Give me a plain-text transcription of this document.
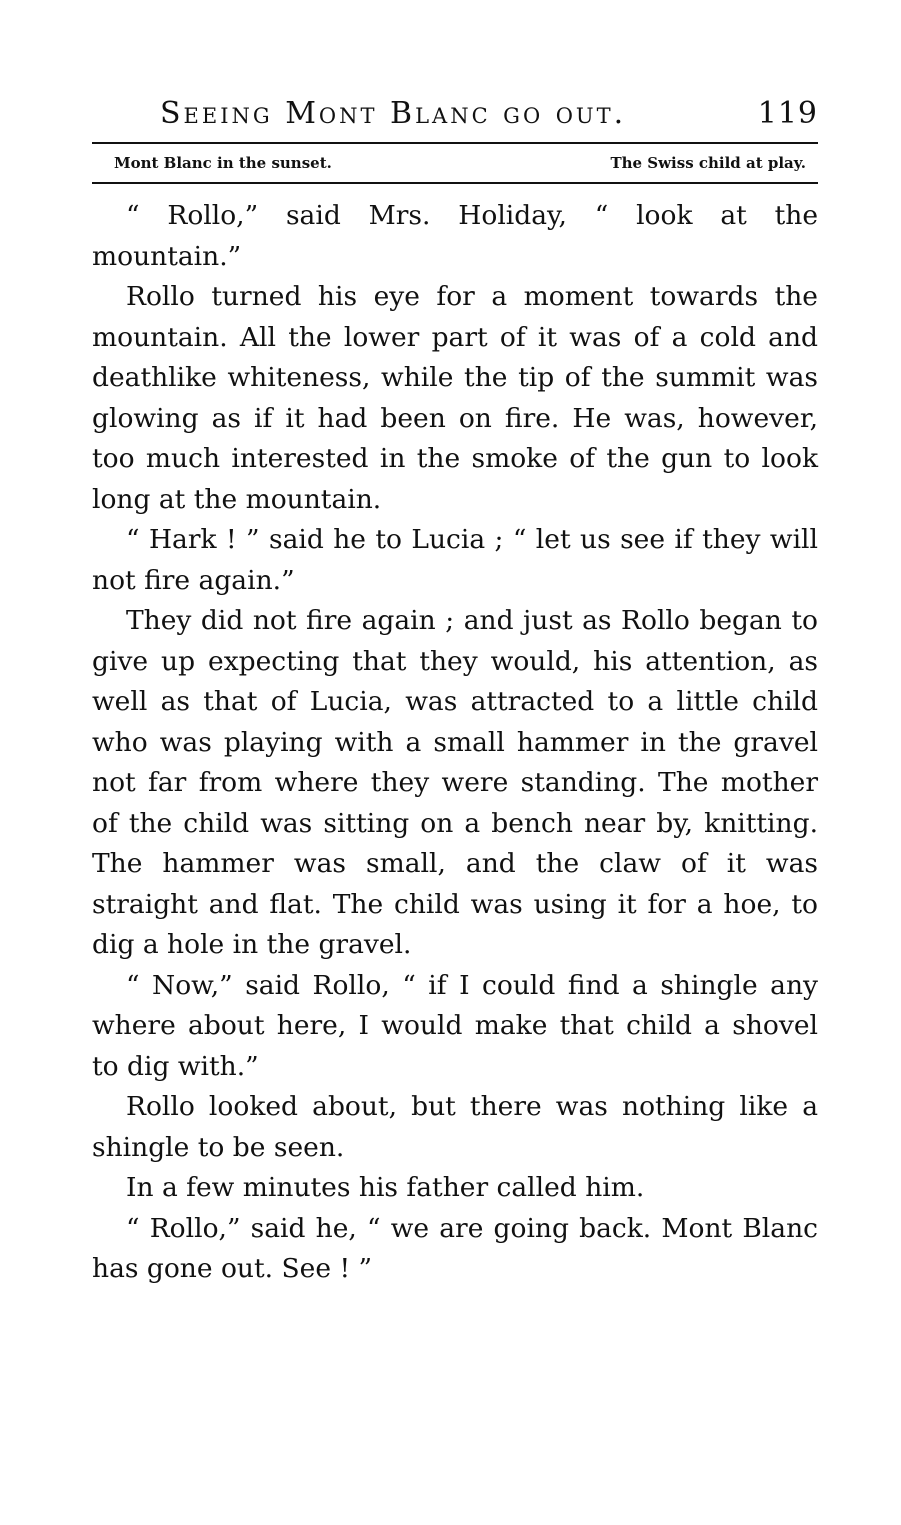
Seeing Mont Blanc go out.	119
Mont Blanc in the sunset.	The Swiss child at play.

“ Rollo,” said Mrs. Holiday, “ look at the mountain.”

Rollo turned his eye for a moment towards the mountain. All the lower part of it was of a cold and deathlike whiteness, while the tip of the summit was glowing as if it had been on fire. He was, however, too much interested in the smoke of the gun to look long at the mountain.

“ Hark ! ” said he to Lucia ; “ let us see if they will not fire again.”

They did not fire again ; and just as Rollo began to give up expecting that they would, his attention, as well as that of Lucia, was attracted to a little child who was playing with a small hammer in the gravel not far from where they were standing. The mother of the child was sitting on a bench near by, knitting. The hammer was small, and the claw of it was straight and flat. The child was using it for a hoe, to dig a hole in the gravel.

“ Now,” said Rollo, “ if I could find a shingle any where about here, I would make that child a shovel to dig with.”

Rollo looked about, but there was nothing like a shingle to be seen.

In a few minutes his father called him.

“ Rollo,” said he, “ we are going back. Mont Blanc has gone out. See ! ”
